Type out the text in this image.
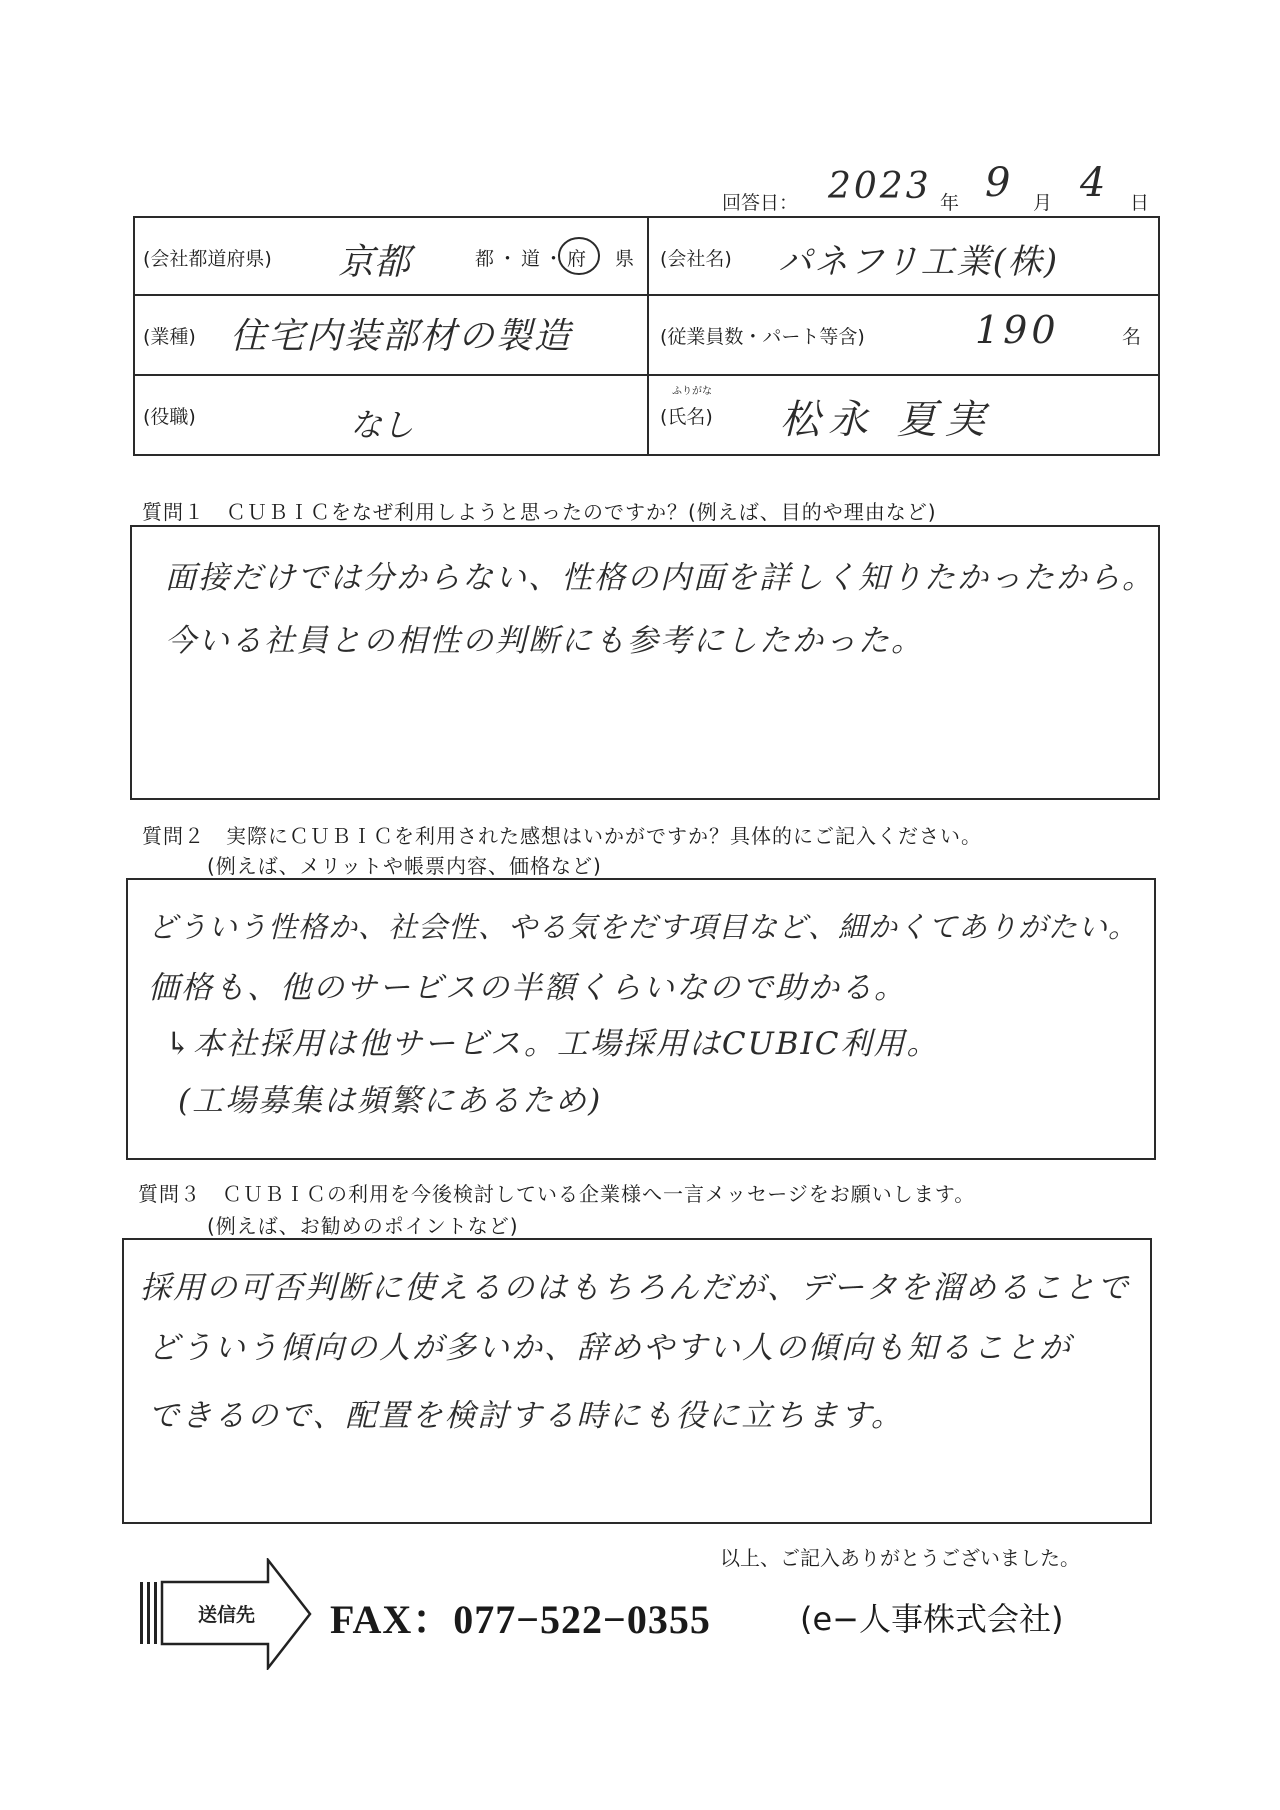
回答日： 2023 年 9 月 4 日
(会社都道府県) 京都	都 ・ 道 ・ 府 県 (会社名) パネフリ工業(株)
(業種) 住宅内装部材の製造	(従業員数・パート等含)	190	名
(役職)	なし
ふりがな
(氏名) 松永 夏実
質問１　ＣＵＢＩＣをなぜ利用しようと思ったのですか？(例えば、目的や理由など)
面接だけでは分からない、性格の内面を詳しく知りたかったから。
今いる社員との相性の判断にも参考にしたかった。
質問２　実際にＣＵＢＩＣを利用された感想はいかがですか？具体的にご記入ください。
(例えば、メリットや帳票内容、価格など)
どういう性格か、社会性、やる気をだす項目など、細かくてありがたい。
価格も、他のサービスの半額くらいなので助かる。
↳本社採用は他サービス。工場採用はCUBIC利用。
(工場募集は頻繁にあるため)
質問３　ＣＵＢＩＣの利用を今後検討している企業様へ一言メッセージをお願いします。
(例えば、お勧めのポイントなど)
採用の可否判断に使えるのはもちろんだが、データを溜めることで
どういう傾向の人が多いか、辞めやすい人の傾向も知ることが
できるので、配置を検討する時にも役に立ちます。
以上、ご記入ありがとうございました。
送信先 FAX：077−522−0355	(e−人事株式会社)
